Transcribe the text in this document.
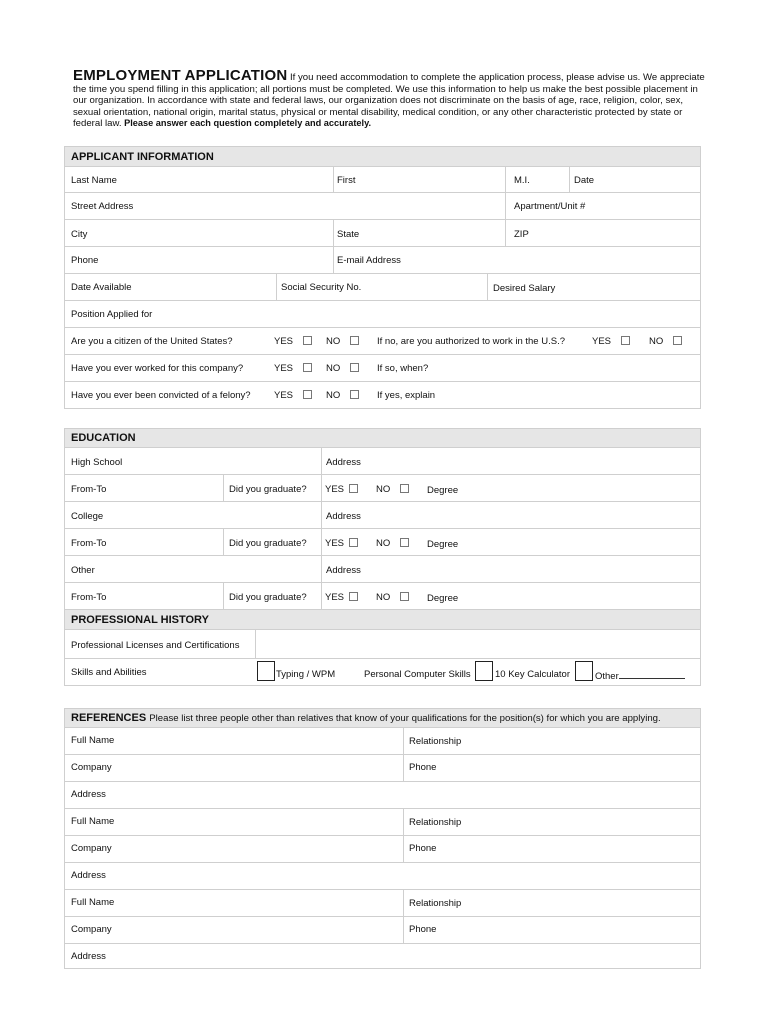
EMPLOYMENT APPLICATION If you need accommodation to complete the application process, please advise us. We appreciate the time you spend filling in this application; all portions must be completed. We use this information to help us make the best possible placement in our organization. In accordance with state and federal laws, our organization does not discriminate on the basis of age, race, religion, color, sex, sexual orientation, national origin, marital status, physical or mental disability, medical condition, or any other characteristic protected by state or federal law. Please answer each question completely and accurately.
APPLICANT INFORMATION
Last Name	First	M.I.	Date
Street Address	Apartment/Unit #
City	State	ZIP
Phone	E-mail Address
Date Available	Social Security No.	Desired Salary
Position Applied for
Are you a citizen of the United States?	YES	NO	If no, are you authorized to work in the U.S.?	YES	NO
Have you ever worked for this company?	YES	NO	If so, when?
Have you ever been convicted of a felony? YES	NO	If yes, explain
EDUCATION
High School	Address
From-To	Did you graduate? YES	NO	Degree
College	Address
From-To	Did you graduate? YES	NO	Degree
Other	Address
From-To	Did you graduate? YES	NO	Degree
PROFESSIONAL HISTORY
Professional Licenses and Certifications
Skills and Abilities	Typing / WPM	Personal Computer Skills	10 Key Calculator	Other
REFERENCES Please list three people other than relatives that know of your qualifications for the position(s) for which you are applying.
Full Name	Relationship
Company	Phone
Address
Full Name	Relationship
Company	Phone
Address
Full Name	Relationship
Company	Phone
Address
